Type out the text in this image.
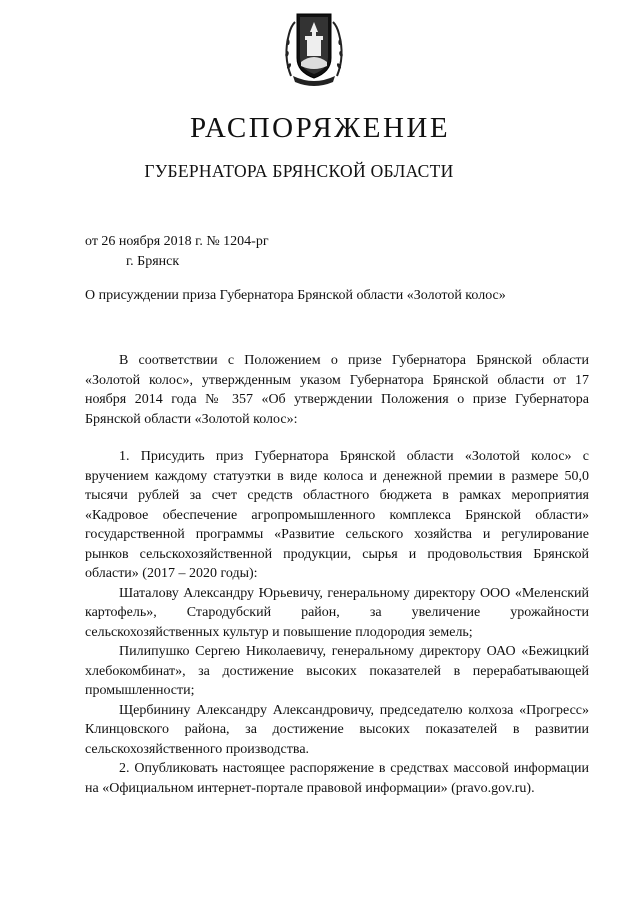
РАСПОРЯЖЕНИЕ
ГУБЕРНАТОРА БРЯНСКОЙ ОБЛАСТИ
от 26 ноября 2018 г. № 1204-рг
г. Брянск
О присуждении приза Губернатора Брянской области «Золотой колос»

В соответствии с Положением о призе Губернатора Брянской области «Золотой колос», утвержденным указом Губернатора Брянской области от 17 ноября 2014 года № 357 «Об утверждении Положения о призе Губернатора Брянской области «Золотой колос»:

1. Присудить приз Губернатора Брянской области «Золотой колос» с вручением каждому статуэтки в виде колоса и денежной премии в размере 50,0 тысячи рублей за счет средств областного бюджета в рамках мероприятия «Кадровое обеспечение агропромышленного комплекса Брянской области» государственной программы «Развитие сельского хозяйства и регулирование рынков сельскохозяйственной продукции, сырья и продовольствия Брянской области» (2017 – 2020 годы):

Шаталову Александру Юрьевичу, генеральному директору ООО «Меленский картофель», Стародубский район, за увеличение урожайности сельскохозяйственных культур и повышение плодородия земель;

Пилипушко Сергею Николаевичу, генеральному директору ОАО «Бежицкий хлебокомбинат», за достижение высоких показателей в перерабатывающей промышленности;

Щербинину Александру Александровичу, председателю колхоза «Прогресс» Клинцовского района, за достижение высоких показателей в развитии сельскохозяйственного производства.

2. Опубликовать настоящее распоряжение в средствах массовой информации на «Официальном интернет-портале правовой информации» (pravo.gov.ru).
